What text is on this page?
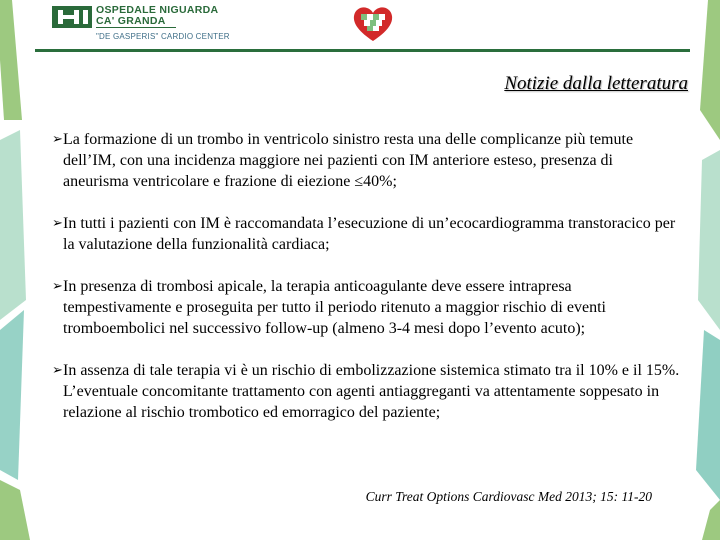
OSPEDALE NIGUARDA
CA' GRANDA
"DE GASPERIS" CARDIO CENTER
Notizie dalla letteratura
➢ La formazione di un trombo in ventricolo sinistro resta una delle complicanze più temute dell’IM, con una incidenza maggiore nei pazienti con IM anteriore esteso, presenza di aneurisma ventricolare e frazione di eiezione ≤40%;
➢ In tutti i pazienti con IM è raccomandata l’esecuzione di un’ecocardiogramma transtoracico per la valutazione della funzionalità cardiaca;
➢ In presenza di trombosi apicale, la terapia anticoagulante deve essere intrapresa tempestivamente e proseguita per tutto il periodo ritenuto a maggior rischio di eventi tromboembolici nel successivo follow-up (almeno 3-4 mesi dopo l’evento acuto);
➢ In assenza di tale terapia vi è un rischio di embolizzazione sistemica stimato tra il 10% e il 15%. L’eventuale concomitante trattamento con agenti antiaggreganti va attentamente soppesato in relazione al rischio trombotico ed emorragico del paziente;
Curr Treat Options Cardiovasc Med 2013; 15: 11-20
